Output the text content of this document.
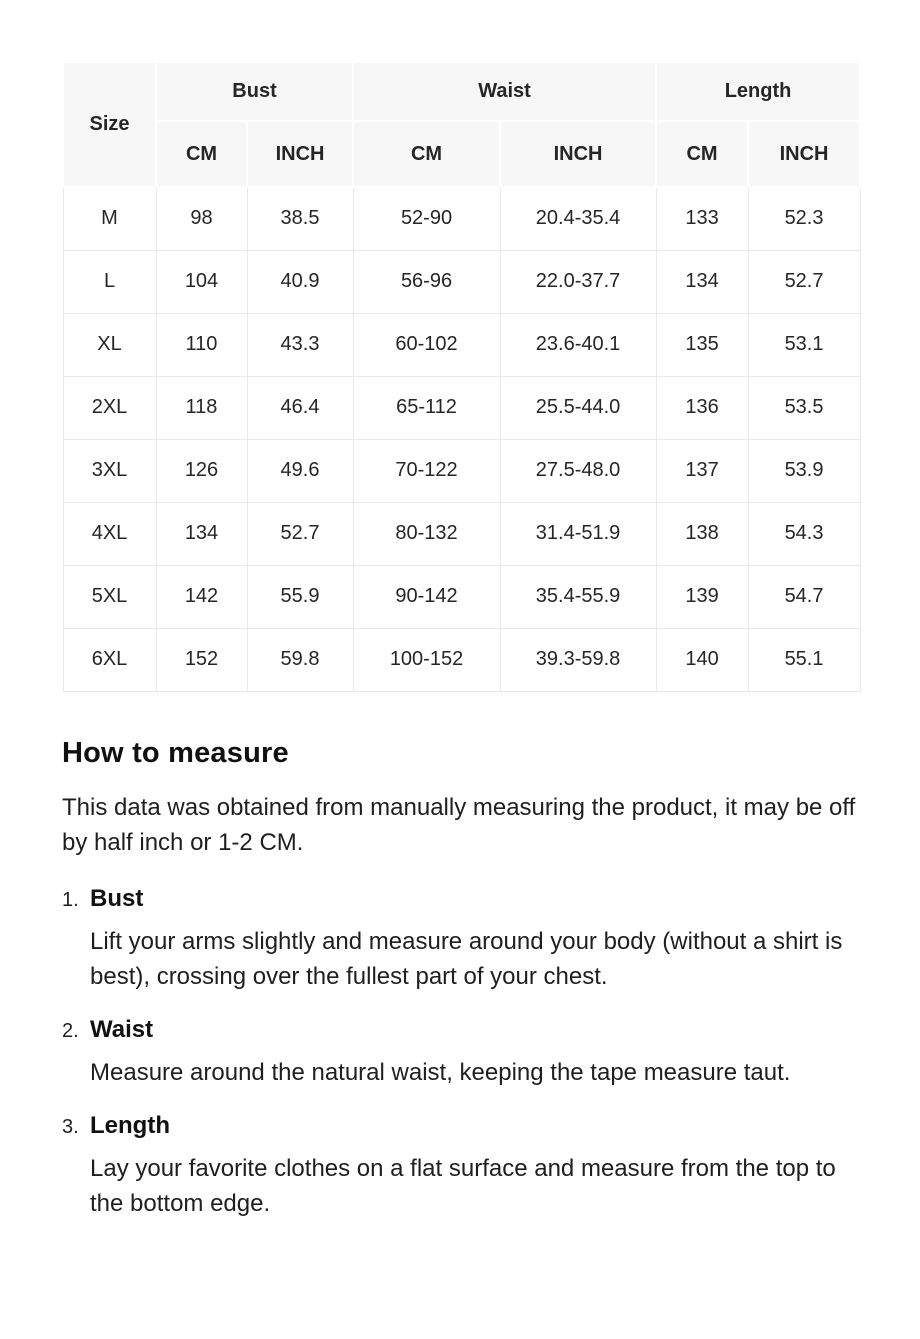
Size	Bust		Waist		Length	
	CM	INCH	CM	INCH	CM	INCH
M	98	38.5	52-90	20.4-35.4	133	52.3
L	104	40.9	56-96	22.0-37.7	134	52.7
XL	110	43.3	60-102	23.6-40.1	135	53.1
2XL	118	46.4	65-112	25.5-44.0	136	53.5
3XL	126	49.6	70-122	27.5-48.0	137	53.9
4XL	134	52.7	80-132	31.4-51.9	138	54.3
5XL	142	55.9	90-142	35.4-55.9	139	54.7
6XL	152	59.8	100-152	39.3-59.8	140	55.1
How to measure

This data was obtained from manually measuring the product, it may be off by half inch or 1-2 CM.

1. Bust

Lift your arms slightly and measure around your body (without a shirt is best), crossing over the fullest part of your chest.

2. Waist

Measure around the natural waist, keeping the tape measure taut.

3. Length

Lay your favorite clothes on a flat surface and measure from the top to the bottom edge.
